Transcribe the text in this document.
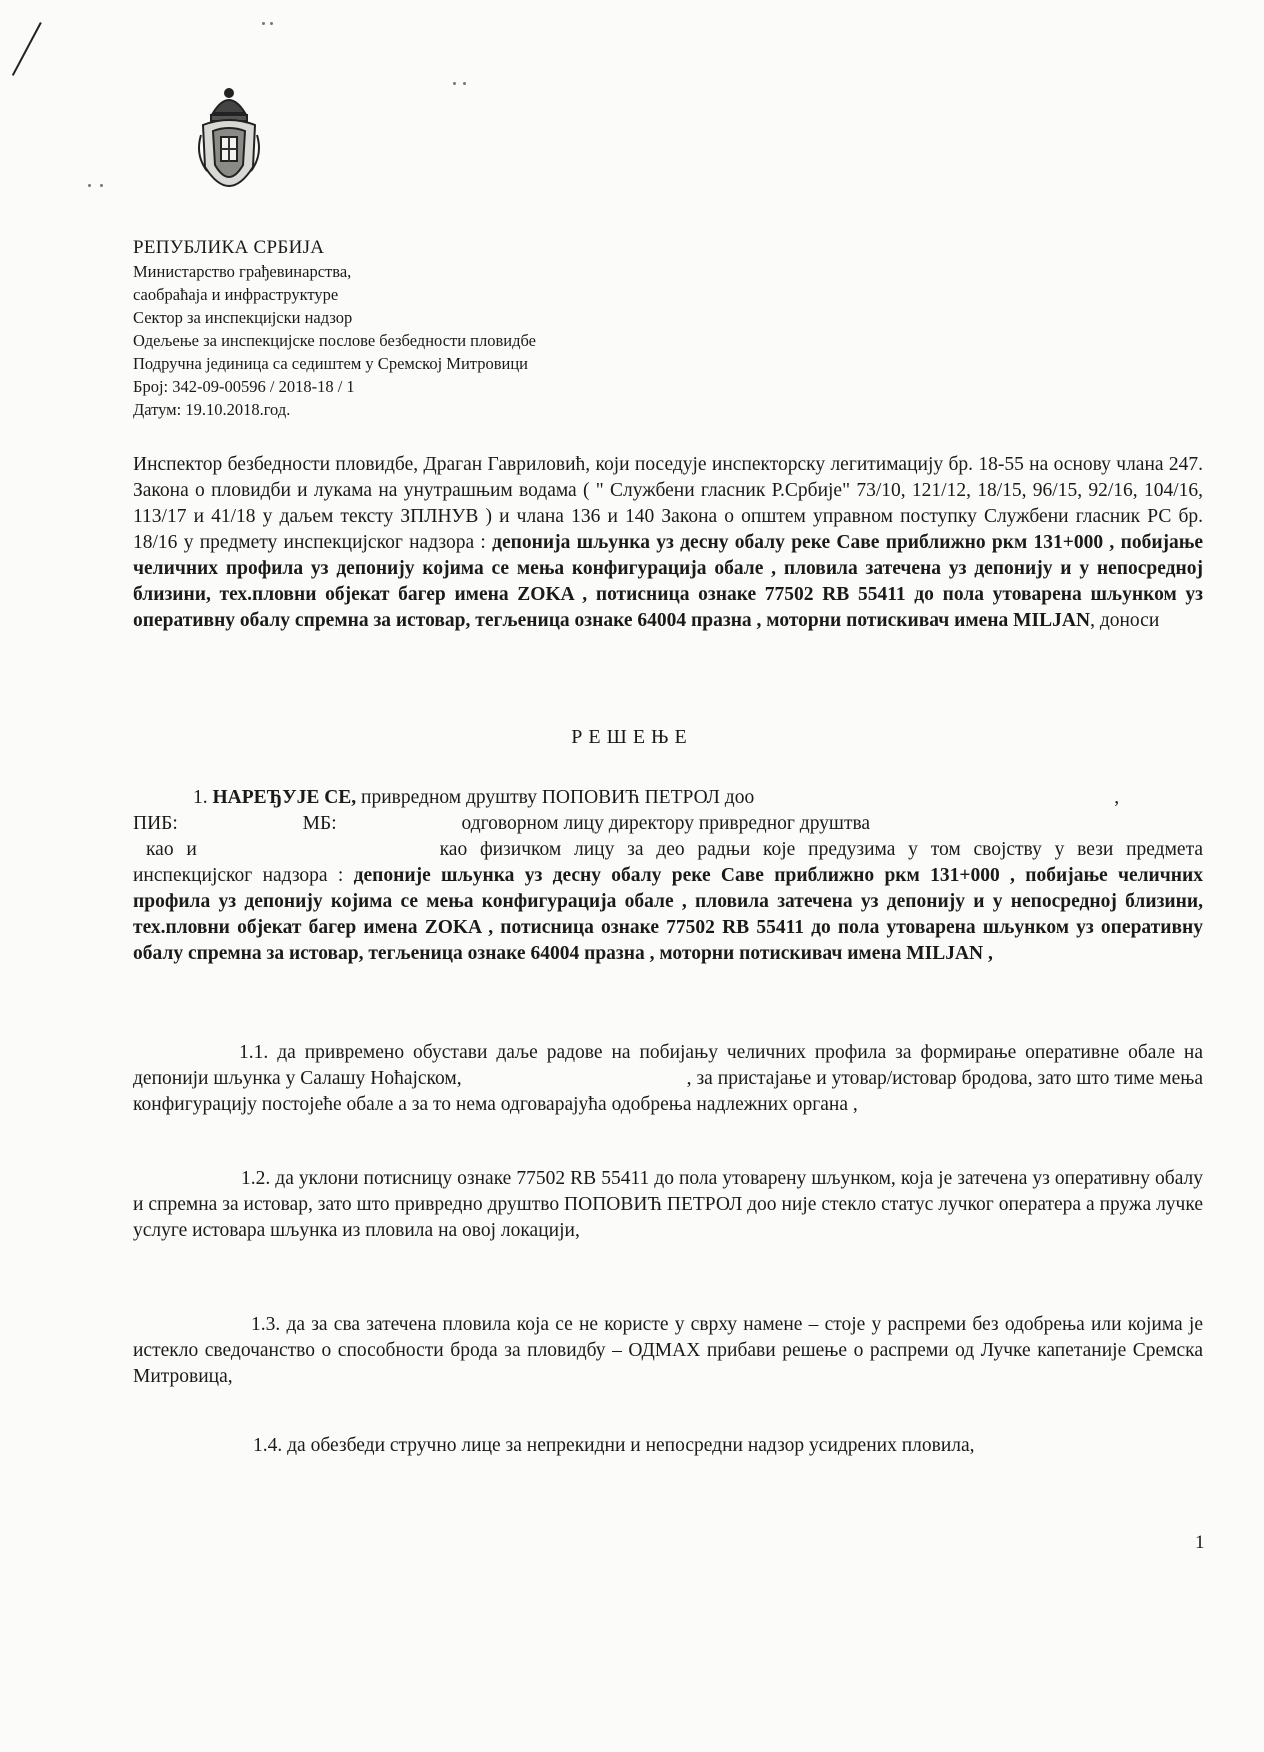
РЕПУБЛИКА СРБИЈА
Министарство грађевинарства,
саобраћаја и инфраструктуре
Сектор за инспекцијски надзор
Одељење за инспекцијске послове безбедности пловидбе
Подручна јединица са седиштем у Сремској Митровици
Број: 342-09-00596 / 2018-18 / 1
Датум: 19.10.2018.год.
Инспектор безбедности пловидбе, Драган Гавриловић, који поседује инспекторску легитимацију бр. 18-55 на основу члана 247. Закона о пловидби и лукама на унутрашњим водама ( " Службени гласник Р.Србије" 73/10, 121/12, 18/15, 96/15, 92/16, 104/16, 113/17 и 41/18 у даљем тексту ЗПЛНУВ ) и члана 136 и 140 Закона о општем управном поступку Службени гласник РС бр. 18/16 у предмету инспекцијског надзора : депонија шљунка уз десну обалу реке Саве приближно ркм 131+000 , побијање челичних профила уз депонију којима се мења конфигурација обале , пловила затечена уз депонију и у непосредној близини, тех.пловни објекат багер имена ZOKA , потисница ознаке 77502 RB 55411 до пола утоварена шљунком уз оперативну обалу спремна за истовар, тегљеница ознаке 64004 празна , моторни потискивач имена MILJAN, доноси
РЕШЕЊЕ
1. НАРЕЂУЈЕ СЕ, привредном друштву ПОПОВИЋ ПЕТРОЛ доо	,
ПИБ:	МБ:	одговорном лицу директору привредног друштва
као и	као физичком лицу за део радњи које предузима у том својству у вези предмета инспекцијског надзора : депоније шљунка уз десну обалу реке Саве приближно ркм 131+000 , побијање челичних профила уз депонију којима се мења конфигурација обале , пловила затечена уз депонију и у непосредној близини, тех.пловни објекат багер имена ZOKA , потисница ознаке 77502 RB 55411 до пола утоварена шљунком уз оперативну обалу спремна за истовар, тегљеница ознаке 64004 празна , моторни потискивач имена MILJAN ,
1.1. да привремено обустави даље радове на побијању челичних профила за формирање оперативне обале на депонији шљунка у Салашу Ноћајском,	, за пристајање и утовар/истовар бродова, зато што тиме мења конфигурацију постојеће обале а за то нема одговарајућа одобрења надлежних органа ,
1.2. да уклони потисницу ознаке 77502 RB 55411 до пола утоварену шљунком, која је затечена уз оперативну обалу и спремна за истовар, зато што привредно друштво ПОПОВИЋ ПЕТРОЛ доо није стекло статус лучког оператера а пружа лучке услуге истовара шљунка из пловила на овој локацији,
1.3. да за сва затечена пловила која се не користе у сврху намене – стоје у распреми без одобрења или којима је истекло сведочанство о способности брода за пловидбу – ОДМАХ прибави решење о распреми од Лучке капетаније Сремска Митровица,
1.4. да обезбеди стручно лице за непрекидни и непосредни надзор усидрених пловила,
1
